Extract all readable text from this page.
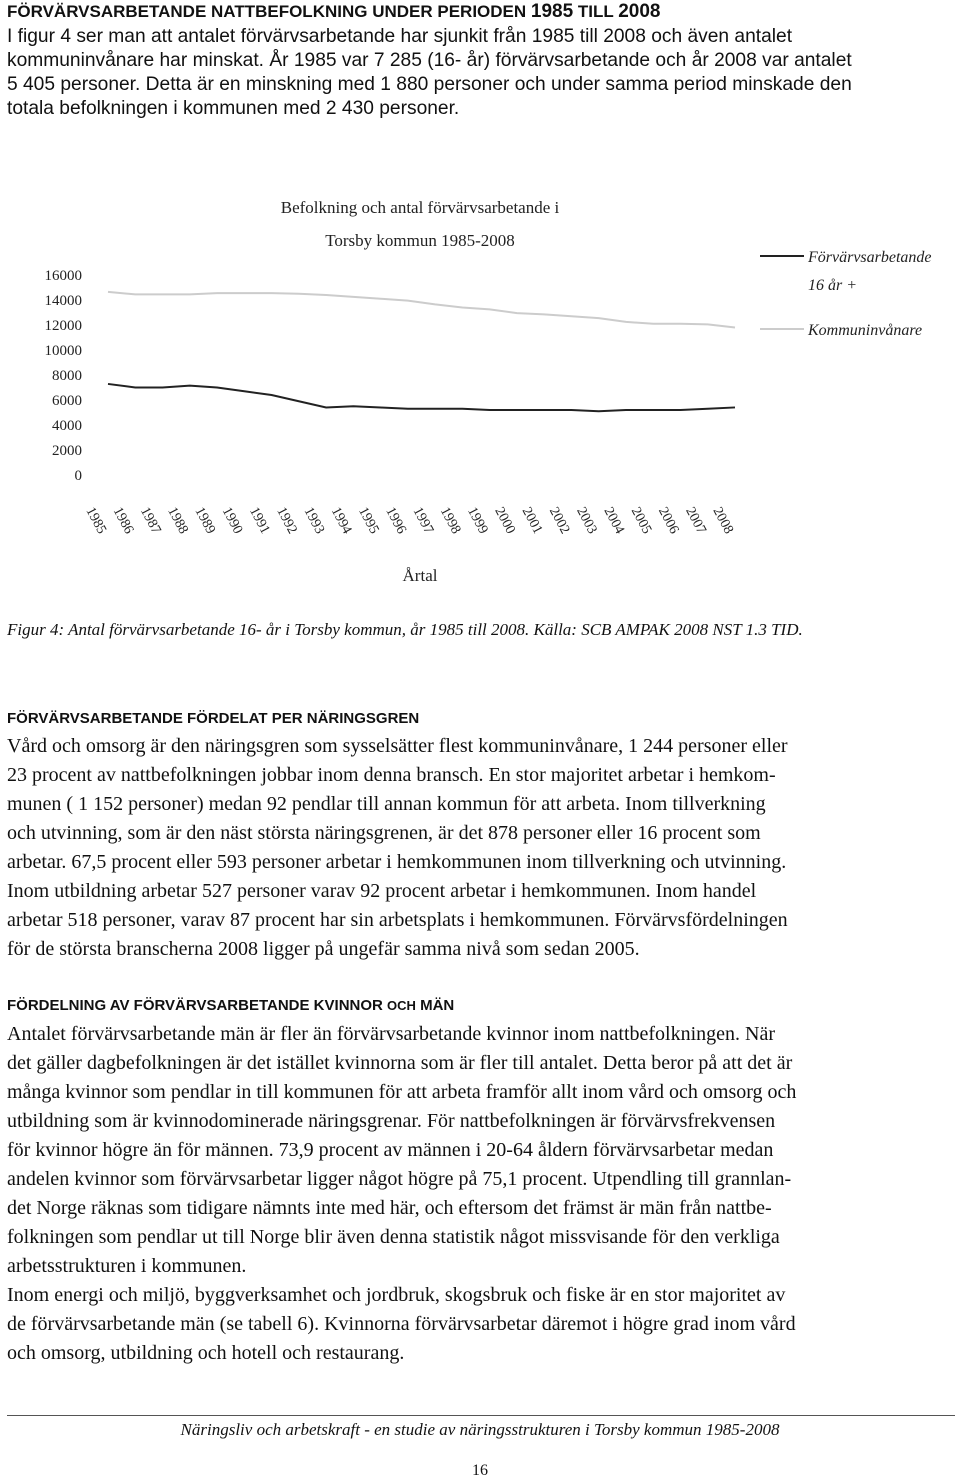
FÖRVÄRVSARBETANDE NATTBEFOLKNING UNDER PERIODEN 1985 TILL 2008
I figur 4 ser man att antalet förvärvsarbetande har sjunkit från 1985 till 2008 och även antalet
kommuninvånare har minskat. År 1985 var 7 285 (16- år) förvärvsarbetande och år 2008 var antalet
5 405 personer. Detta är en minskning med 1 880 personer och under samma period minskade den
totala befolkningen i kommunen med 2 430 personer.
Befolkning och antal förvärvsarbetande i
Torsby kommun 1985-2008
16000
14000
12000
10000
8000
6000
4000
2000
0
1985 1986 1987 1988 1989 1990 1991 1992 1993 1994 1995 1996 1997 1998 1999 2000 2001 2002 2003 2004 2005 2006 2007 2008
Årtal
Förvärvsarbetande
16 år +
Kommuninvånare
Figur 4: Antal förvärvsarbetande 16- år i Torsby kommun, år 1985 till 2008. Källa: SCB AMPAK 2008 NST 1.3 TID.
FÖRVÄRVSARBETANDE FÖRDELAT PER NÄRINGSGREN
Vård och omsorg är den näringsgren som sysselsätter flest kommuninvånare, 1 244 personer eller
23 procent av nattbefolkningen jobbar inom denna bransch. En stor majoritet arbetar i hemkom-
munen ( 1 152 personer) medan 92 pendlar till annan kommun för att arbeta. Inom tillverkning
och utvinning, som är den näst största näringsgrenen, är det 878 personer eller 16 procent som
arbetar. 67,5 procent eller 593 personer arbetar i hemkommunen inom tillverkning och utvinning.
Inom utbildning arbetar 527 personer varav 92 procent arbetar i hemkommunen. Inom handel
arbetar 518 personer, varav 87 procent har sin arbetsplats i hemkommunen. Förvärvsfördelningen
för de största branscherna 2008 ligger på ungefär samma nivå som sedan 2005.
FÖRDELNING AV FÖRVÄRVSARBETANDE KVINNOR OCH MÄN
Antalet förvärvsarbetande män är fler än förvärvsarbetande kvinnor inom nattbefolkningen. När
det gäller dagbefolkningen är det istället kvinnorna som är fler till antalet. Detta beror på att det är
många kvinnor som pendlar in till kommunen för att arbeta framför allt inom vård och omsorg och
utbildning som är kvinnodominerade näringsgrenar. För nattbefolkningen är förvärvsfrekvensen
för kvinnor högre än för männen. 73,9 procent av männen i 20-64 åldern förvärvsarbetar medan
andelen kvinnor som förvärvsarbetar ligger något högre på 75,1 procent. Utpendling till grannlan-
det Norge räknas som tidigare nämnts inte med här, och eftersom det främst är män från nattbe-
folkningen som pendlar ut till Norge blir även denna statistik något missvisande för den verkliga
arbetsstrukturen i kommunen.
Inom energi och miljö, byggverksamhet och jordbruk, skogsbruk och fiske är en stor majoritet av
de förvärvsarbetande män (se tabell 6). Kvinnorna förvärvsarbetar däremot i högre grad inom vård
och omsorg, utbildning och hotell och restaurang.
Näringsliv och arbetskraft - en studie av näringsstrukturen i Torsby kommun 1985-2008
16
